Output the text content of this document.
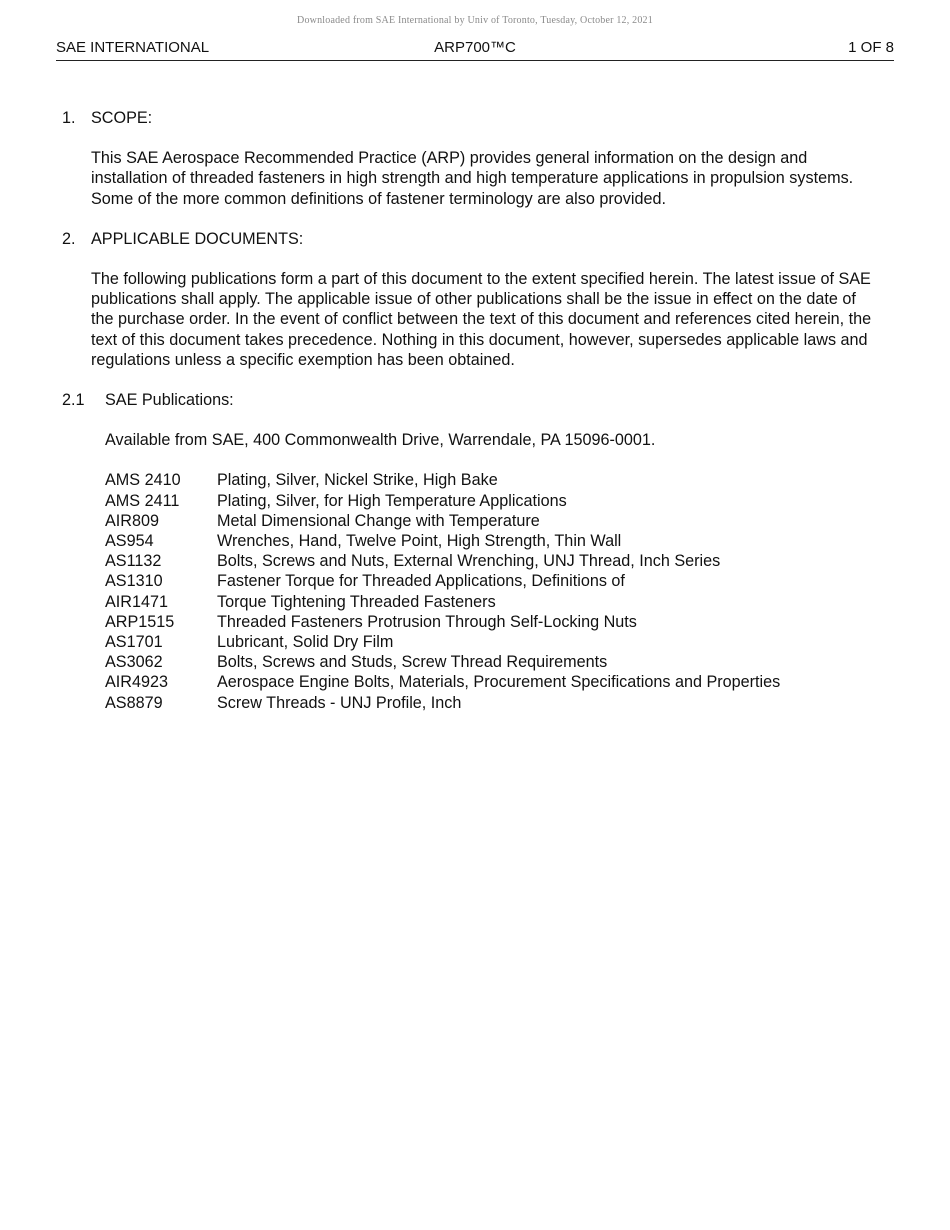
Downloaded from SAE International by Univ of Toronto, Tuesday, October 12, 2021
SAE INTERNATIONAL	ARP700™C	1 OF 8
1. SCOPE:

This SAE Aerospace Recommended Practice (ARP) provides general information on the design and installation of threaded fasteners in high strength and high temperature applications in propulsion systems. Some of the more common definitions of fastener terminology are also provided.

2. APPLICABLE DOCUMENTS:

The following publications form a part of this document to the extent specified herein. The latest issue of SAE publications shall apply. The applicable issue of other publications shall be the issue in effect on the date of the purchase order. In the event of conflict between the text of this document and references cited herein, the text of this document takes precedence. Nothing in this document, however, supersedes applicable laws and regulations unless a specific exemption has been obtained.

2.1	SAE Publications:

Available from SAE, 400 Commonwealth Drive, Warrendale, PA 15096-0001.

AMS 2410	Plating, Silver, Nickel Strike, High Bake
AMS 2411	Plating, Silver, for High Temperature Applications
AIR809	Metal Dimensional Change with Temperature
AS954	Wrenches, Hand, Twelve Point, High Strength, Thin Wall
AS1132	Bolts, Screws and Nuts, External Wrenching, UNJ Thread, Inch Series
AS1310	Fastener Torque for Threaded Applications, Definitions of
AIR1471	Torque Tightening Threaded Fasteners
ARP1515	Threaded Fasteners Protrusion Through Self-Locking Nuts
AS1701	Lubricant, Solid Dry Film
AS3062	Bolts, Screws and Studs, Screw Thread Requirements
AIR4923	Aerospace Engine Bolts, Materials, Procurement Specifications and Properties
AS8879	Screw Threads - UNJ Profile, Inch
